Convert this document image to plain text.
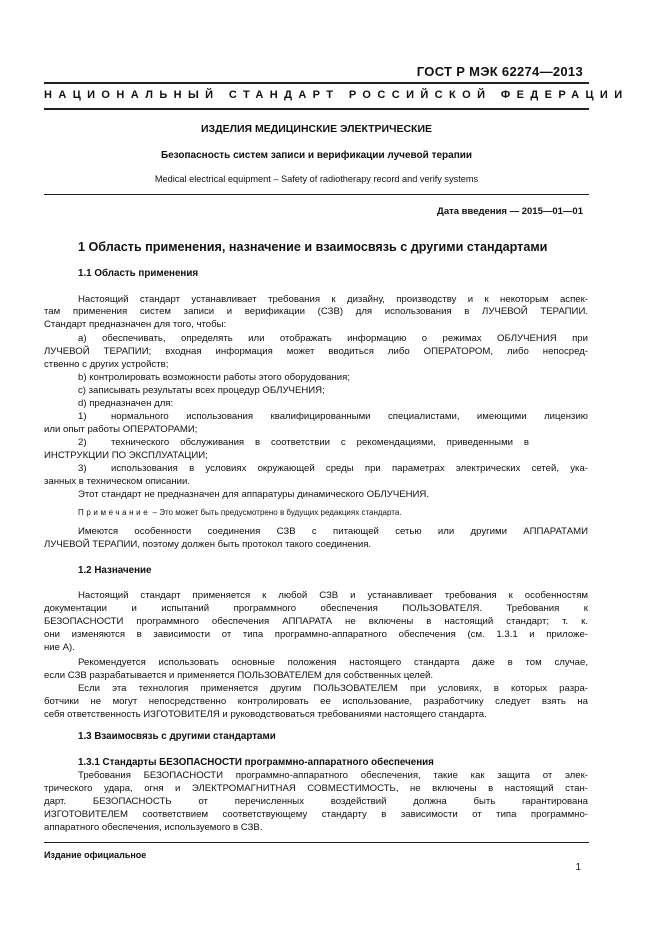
ГОСТ Р МЭК 62274—2013
НАЦИОНАЛЬНЫЙ СТАНДАРТ РОССИЙСКОЙ ФЕДЕРАЦИИ
ИЗДЕЛИЯ МЕДИЦИНСКИЕ ЭЛЕКТРИЧЕСКИЕ
Безопасность систем записи и верификации лучевой терапии
Medical electrical equipment – Safety of radiotherapy record and verify systems
Дата введения — 2015—01—01
1 Область применения, назначение и взаимосвязь с другими стандартами
1.1 Область применения
Настоящий стандарт устанавливает требования к дизайну, производству и к некоторым аспек-
там применения систем записи и верификации (СЗВ) для использования в ЛУЧЕВОЙ ТЕРАПИИ.
Стандарт предназначен для того, чтобы:
a) обеспечивать, определять или отображать информацию о режимах ОБЛУЧЕНИЯ при
ЛУЧЕВОЙ ТЕРАПИИ; входная информация может вводиться либо ОПЕРАТОРОМ, либо непосред-
ственно с других устройств;
b) контролировать возможности работы этого оборудования;
c) записывать результаты всех процедур ОБЛУЧЕНИЯ;
d) предназначен для:
1)	нормального использования квалифицированными специалистами, имеющими лицензию
или опыт работы ОПЕРАТОРАМИ;
2)	технического обслуживания в соответствии с рекомендациями, приведенными в
ИНСТРУКЦИИ ПО ЭКСПЛУАТАЦИИ;
3)	использования в условиях окружающей среды при параметрах электрических сетей, ука-
занных в техническом описании.
Этот стандарт не предназначен для аппаратуры динамического ОБЛУЧЕНИЯ.
Примечание – Это может быть предусмотрено в будущих редакциях стандарта.
Имеются особенности соединения СЗВ с питающей сетью или другими АППАРАТАМИ
ЛУЧЕВОЙ ТЕРАПИИ, поэтому должен быть протокол такого соединения.
1.2 Назначение
Настоящий стандарт применяется к любой СЗВ и устанавливает требования к особенностям
документации и испытаний программного обеспечения ПОЛЬЗОВАТЕЛЯ. Требования к
БЕЗОПАСНОСТИ программного обеспечения АППАРАТА не включены в настоящий стандарт; т. к.
они изменяются в зависимости от типа программно-аппаратного обеспечения (см. 1.3.1 и приложе-
ние А).
Рекомендуется использовать основные положения настоящего стандарта даже в том случае,
если СЗВ разрабатывается и применяется ПОЛЬЗОВАТЕЛЕМ для собственных целей.
Если эта технология применяется другим ПОЛЬЗОВАТЕЛЕМ при условиях, в которых разра-
ботчики не могут непосредственно контролировать ее использование, разработчику следует взять на
себя ответственность ИЗГОТОВИТЕЛЯ и руководствоваться требованиями настоящего стандарта.
1.3 Взаимосвязь с другими стандартами
1.3.1 Стандарты БЕЗОПАСНОСТИ программно-аппаратного обеспечения
Требования БЕЗОПАСНОСТИ программно-аппаратного обеспечения, такие как защита от элек-
трического удара, огня и ЭЛЕКТРОМАГНИТНАЯ СОВМЕСТИМОСТЬ, не включены в настоящий стан-
дарт. БЕЗОПАСНОСТЬ от перечисленных воздействий должна быть гарантирована
ИЗГОТОВИТЕЛЕМ соответствием соответствующему стандарту в зависимости от типа программно-
аппаратного обеспечения, используемого в СЗВ.
Издание официальное
1
